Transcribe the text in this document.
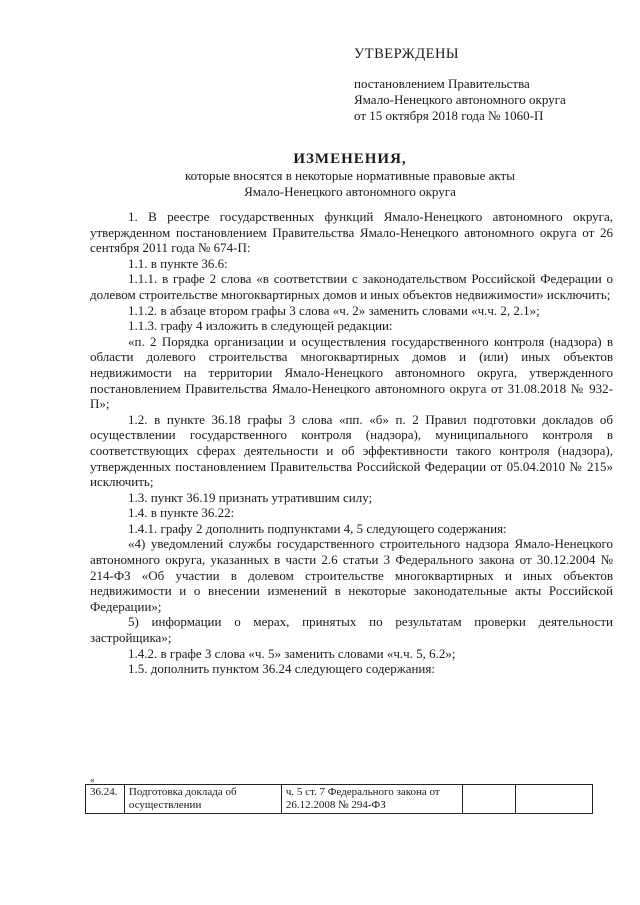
УТВЕРЖДЕНЫ
постановлением Правительства
Ямало-Ненецкого автономного округа
от 15 октября 2018 года № 1060-П
ИЗМЕНЕНИЯ,
которые вносятся в некоторые нормативные правовые акты
Ямало-Ненецкого автономного округа

1. В реестре государственных функций Ямало-Ненецкого автономного округа, утвержденном постановлением Правительства Ямало-Ненецкого автономного округа от 26 сентября 2011 года № 674-П:

1.1. в пункте 36.6:

1.1.1. в графе 2 слова «в соответствии с законодательством Российской Федерации о долевом строительстве многоквартирных домов и иных объектов недвижимости» исключить;

1.1.2. в абзаце втором графы 3 слова «ч. 2» заменить словами «ч.ч. 2, 2.1»;

1.1.3. графу 4 изложить в следующей редакции:

«п. 2 Порядка организации и осуществления государственного контроля (надзора) в области долевого строительства многоквартирных домов и (или) иных объектов недвижимости на территории Ямало-Ненецкого автономного округа, утвержденного постановлением Правительства Ямало-Ненецкого автономного округа от 31.08.2018 № 932-П»;

1.2. в пункте 36.18 графы 3 слова «пп. «б» п. 2 Правил подготовки докладов об осуществлении государственного контроля (надзора), муниципального контроля в соответствующих сферах деятельности и об эффективности такого контроля (надзора), утвержденных постановлением Правительства Российской Федерации от 05.04.2010 № 215» исключить;

1.3. пункт 36.19 признать утратившим силу;

1.4. в пункте 36.22:

1.4.1. графу 2 дополнить подпунктами 4, 5 следующего содержания:

«4) уведомлений службы государственного строительного надзора Ямало-Ненецкого автономного округа, указанных в части 2.6 статьи 3 Федерального закона от 30.12.2004 № 214-ФЗ «Об участии в долевом строительстве многоквартирных и иных объектов недвижимости и о внесении изменений в некоторые законодательные акты Российской Федерации»;

5) информации о мерах, принятых по результатам проверки деятельности застройщика»;

1.4.2. в графе 3 слова «ч. 5» заменить словами «ч.ч. 5, 6.2»;

1.5. дополнить пунктом 36.24 следующего содержания:

«
36.24.	Подготовка доклада об осуществлении	ч. 5 ст. 7 Федерального закона от 26.12.2008 № 294-ФЗ		
